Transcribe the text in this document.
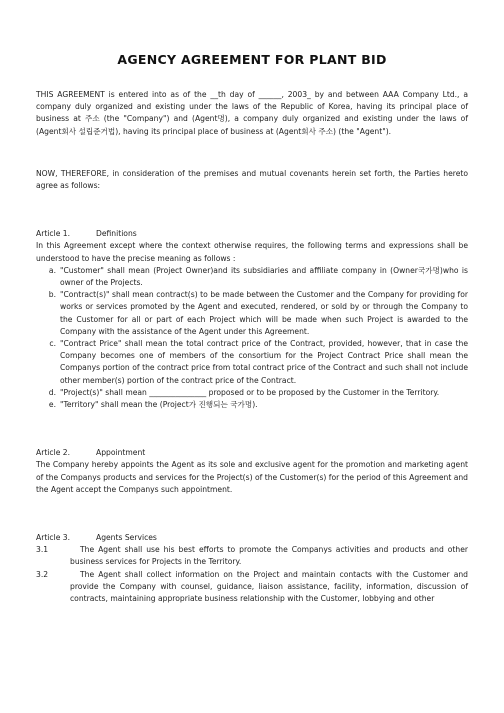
AGENCY AGREEMENT FOR PLANT BID

THIS AGREEMENT is entered into as of the __th day of ______, 2003_ by and between AAA Company Ltd., a company duly organized and existing under the laws of the Republic of Korea, having its principal place of business at 주소 (the "Company") and (Agent명), a company duly organized and existing under the laws of (Agent회사 설립준거법), having its principal place of business at (Agent회사 주소) (the "Agent").

NOW, THEREFORE, in consideration of the premises and mutual covenants herein set forth, the Parties hereto agree as follows:

Article 1.	Definitions

In this Agreement except where the context otherwise requires, the following terms and expressions shall be understood to have the precise meaning as follows :

a. "Customer" shall mean (Project Owner)and its subsidiaries and affiliate company in (Owner국가명)who is owner of the Projects.
b. "Contract(s)" shall mean contract(s) to be made between the Customer and the Company for providing for works or services promoted by the Agent and executed, rendered, or sold by or through the Company to the Customer for all or part of each Project which will be made when such Project is awarded to the Company with the assistance of the Agent under this Agreement.
c. "Contract Price" shall mean the total contract price of the Contract, provided, however, that in case the Company becomes one of members of the consortium for the Project Contract Price shall mean the Companys portion of the contract price from total contract price of the Contract and such shall not include other member(s) portion of the contract price of the Contract.
d. "Project(s)" shall mean _______________ proposed or to be proposed by the Customer in the Territory.
e. "Territory" shall mean the (Project가 진행되는 국가명).
Article 2.	Appointment

The Company hereby appoints the Agent as its sole and exclusive agent for the promotion and marketing agent of the Companys products and services for the Project(s) of the Customer(s) for the period of this Agreement and the Agent accept the Companys such appointment.

Article 3.	Agents Services
3.1	The Agent shall use his best efforts to promote the Companys activities and products and other business services for Projects in the Territory.
3.2	The Agent shall collect information on the Project and maintain contacts with the Customer and provide the Company with counsel, guidance, liaison assistance, facility, information, discussion of contracts, maintaining appropriate business relationship with the Customer, lobbying and other
